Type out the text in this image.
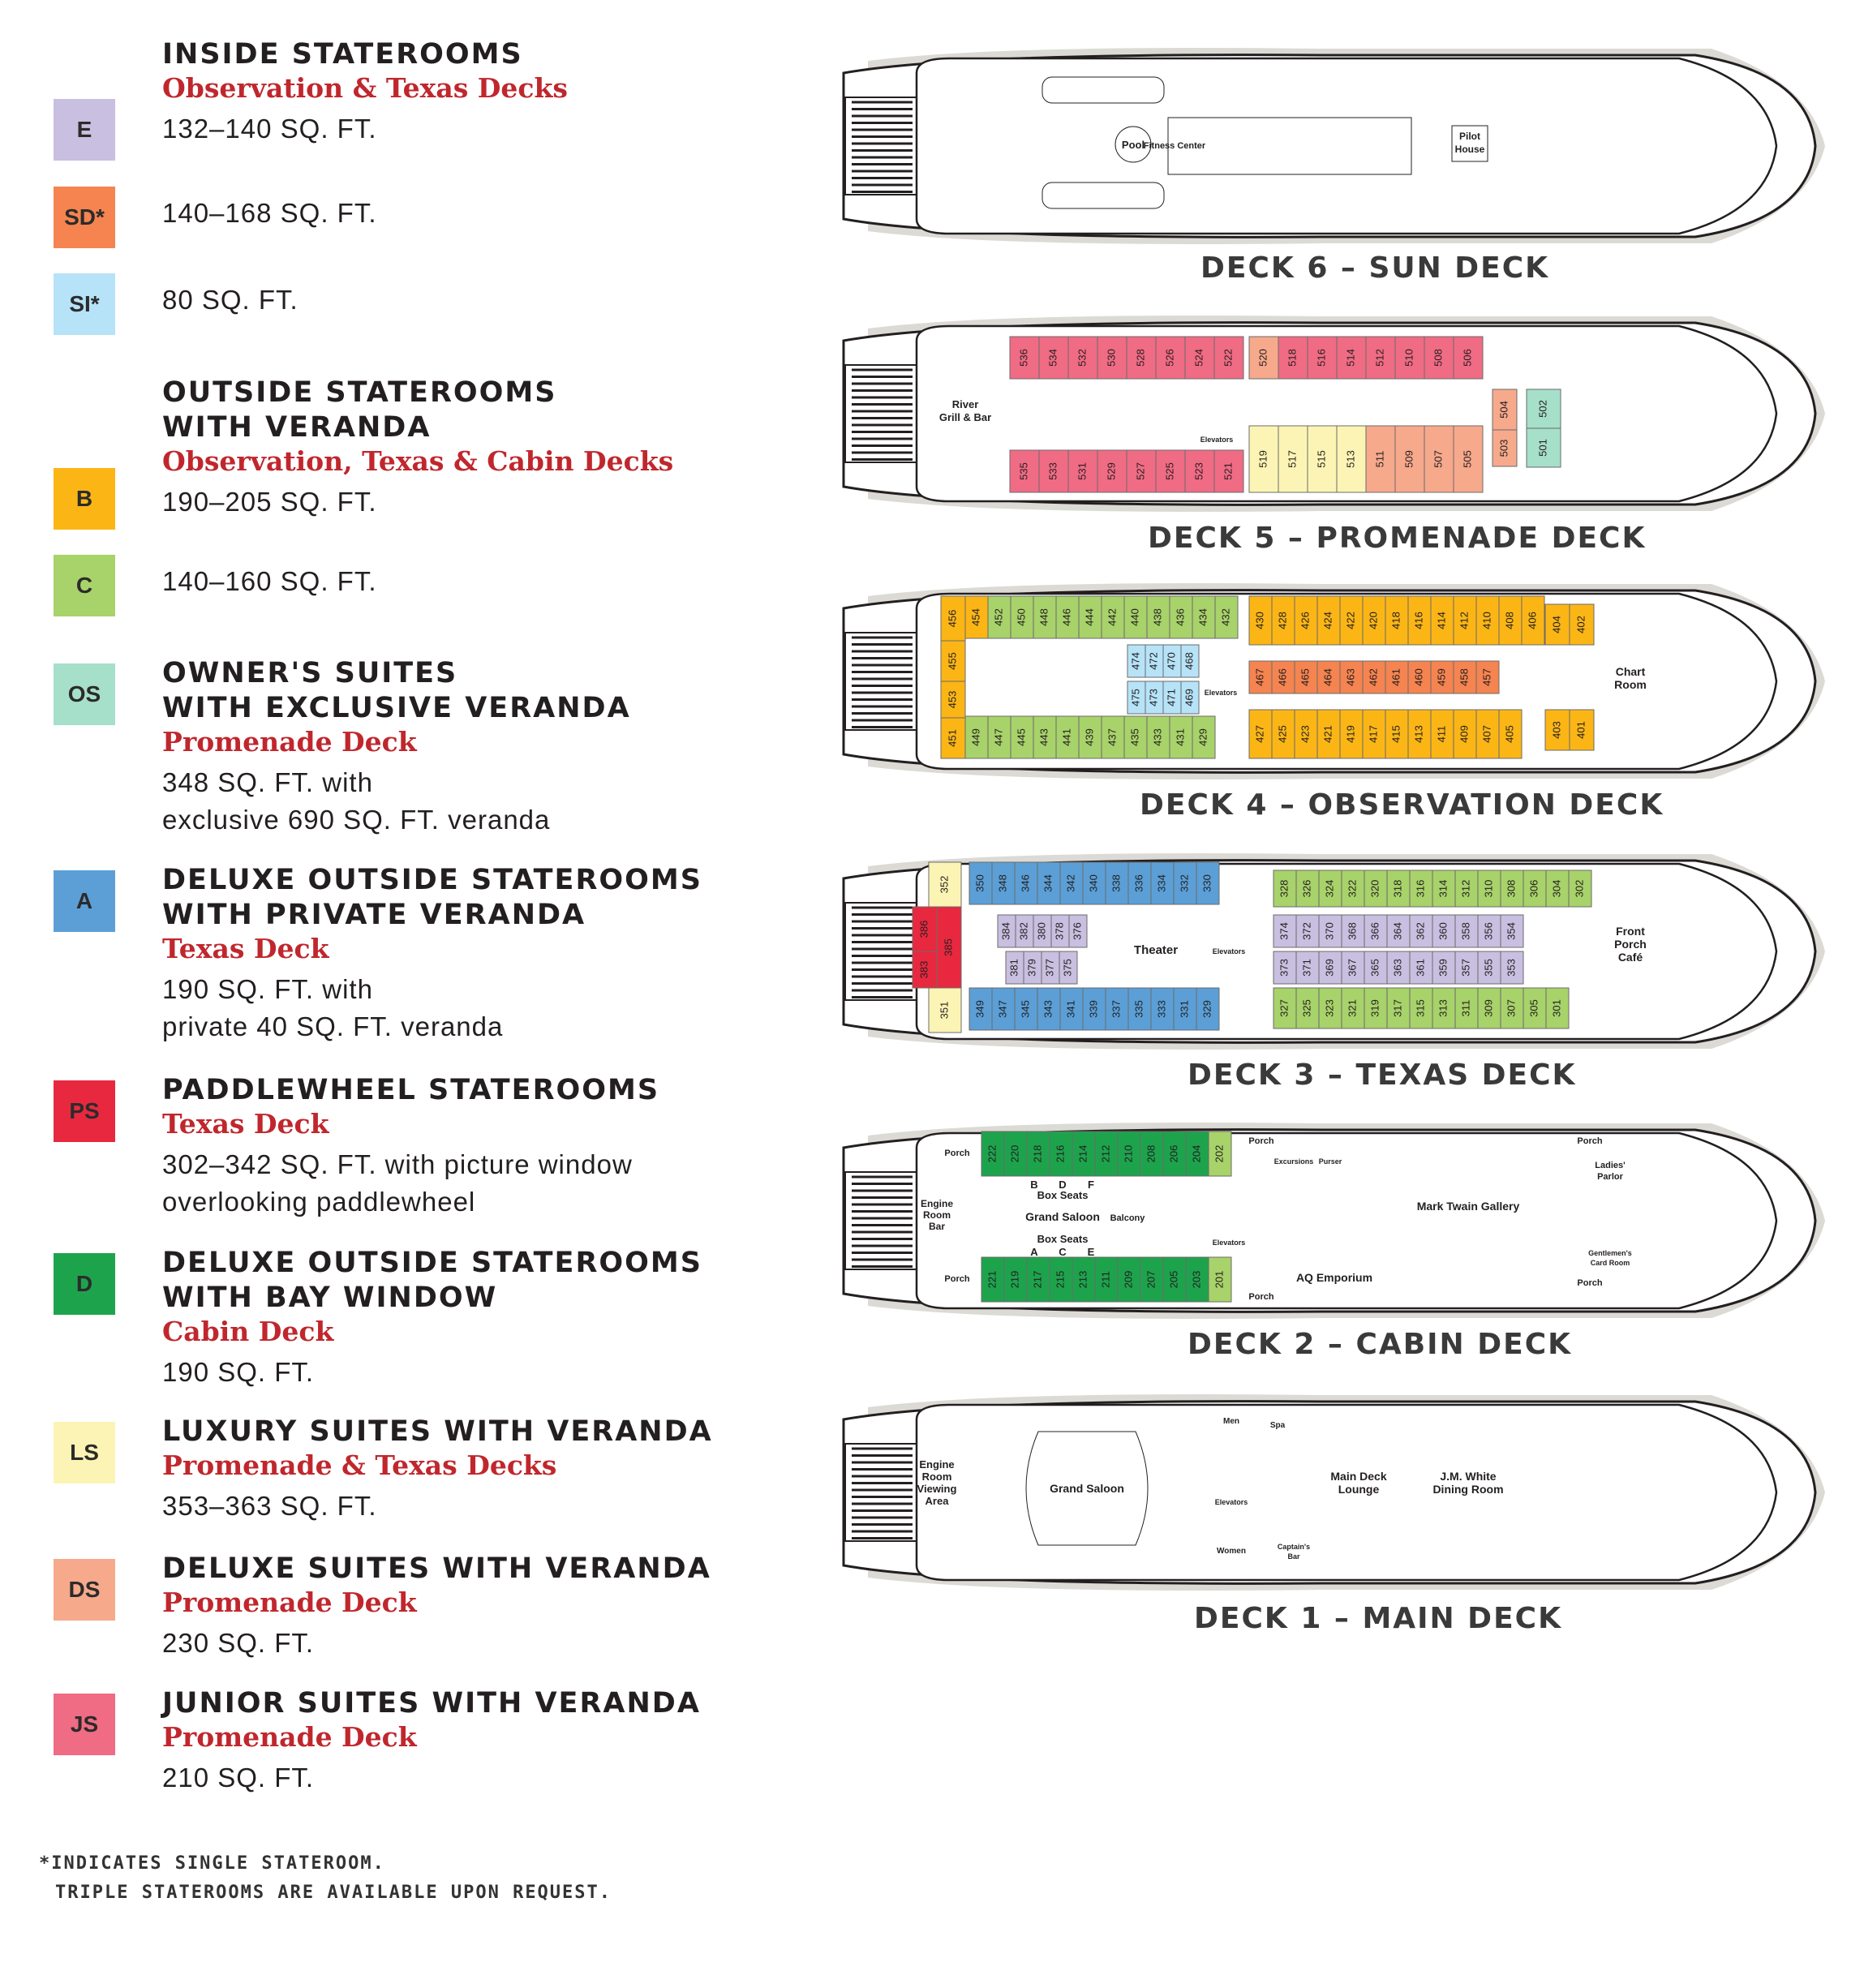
E
INSIDE STATEROOMS
Observation & Texas Decks
132–140 SQ. FT.
SD*	140–168 SQ. FT.
SI*	80 SQ. FT.
B
OUTSIDE STATEROOMS
WITH VERANDA
Observation, Texas & Cabin Decks
190–205 SQ. FT.
C	140–160 SQ. FT.
OS
OWNER'S SUITES
WITH EXCLUSIVE VERANDA
Promenade Deck
348 SQ. FT. with
exclusive 690 SQ. FT. veranda
A
DELUXE OUTSIDE STATEROOMS
WITH PRIVATE VERANDA
Texas Deck
190 SQ. FT. with
private 40 SQ. FT. veranda
PS
PADDLEWHEEL STATEROOMS
Texas Deck
302–342 SQ. FT. with picture window
overlooking paddlewheel
D
DELUXE OUTSIDE STATEROOMS
WITH BAY WINDOW
Cabin Deck
190 SQ. FT.
LS
LUXURY SUITES WITH VERANDA
Promenade & Texas Decks
353–363 SQ. FT.
DS
DELUXE SUITES WITH VERANDA
Promenade Deck
230 SQ. FT.
JS
JUNIOR SUITES WITH VERANDA
Promenade Deck
210 SQ. FT.
*INDICATES SINGLE STATEROOM.
TRIPLE STATEROOMS ARE AVAILABLE UPON REQUEST.
Pool
Fitness Center
Pilot
House
DECK 6 – SUN DECK
536 534 532 530 528 526 524 522
535 533 531 529 527 525 523 521
520 518 516 514 512 510 508 506
519 517 515 513 511 509 507 505
504
503
502
501
River
Grill & Bar
Elevators
DECK 5 – PROMENADE DECK
454 452 450 448 446 444 442 440 438 436 434 432
449 447 445 443 441 439 437 435 433 431 429
430 428 426 424 422 420 418 416 414 412 410 408 406
467 466 465 464 463 462 461 460 459 458 457
427 425 423 421 419 417 415 413 411 409 407 405
474 472 470 468
475 473 471 469
456
455
453
451
404 402
403 401
Chart
Room
Elevators
DECK 4 – OBSERVATION DECK
352
386
383
385
351
350 348 346 344 342 340 338 336 334 332 330
349 347 345 343 341 339 337 335 333 331 329
384 382 380 378 376
381 379 377 375
328 326 324 322 320 318 316 314 312 310 308 306 304 302
374 372 370 368 366 364 362 360 358 356 354
373 371 369 367 365 363 361 359 357 355 353
327 325 323 321 319 317 315 313 311 309 307 305 301
Theater	Elevators
Front
Porch
Café
DECK 3 – TEXAS DECK
222 220 218 216 214 212 210 208 206 204 202
221 219 217 215 213 211 209 207 205 203 201
Porch
Porch
Porch
Porch
Porch
Porch
Engine
Room
Bar
Box Seats
Grand Saloon
Box Seats
B D F
A C E
Balcony
Elevators
Excursions Purser
Mark Twain Gallery
AQ Emporium
Ladies'
Parlor
Gentlemen's
Card Room
DECK 2 – CABIN DECK
Engine
Room
Viewing
Area
Grand Saloon
Men	Spa
Elevators
Women
Main Deck
Lounge
Captain's
Bar
J.M. White
Dining Room
DECK 1 – MAIN DECK
